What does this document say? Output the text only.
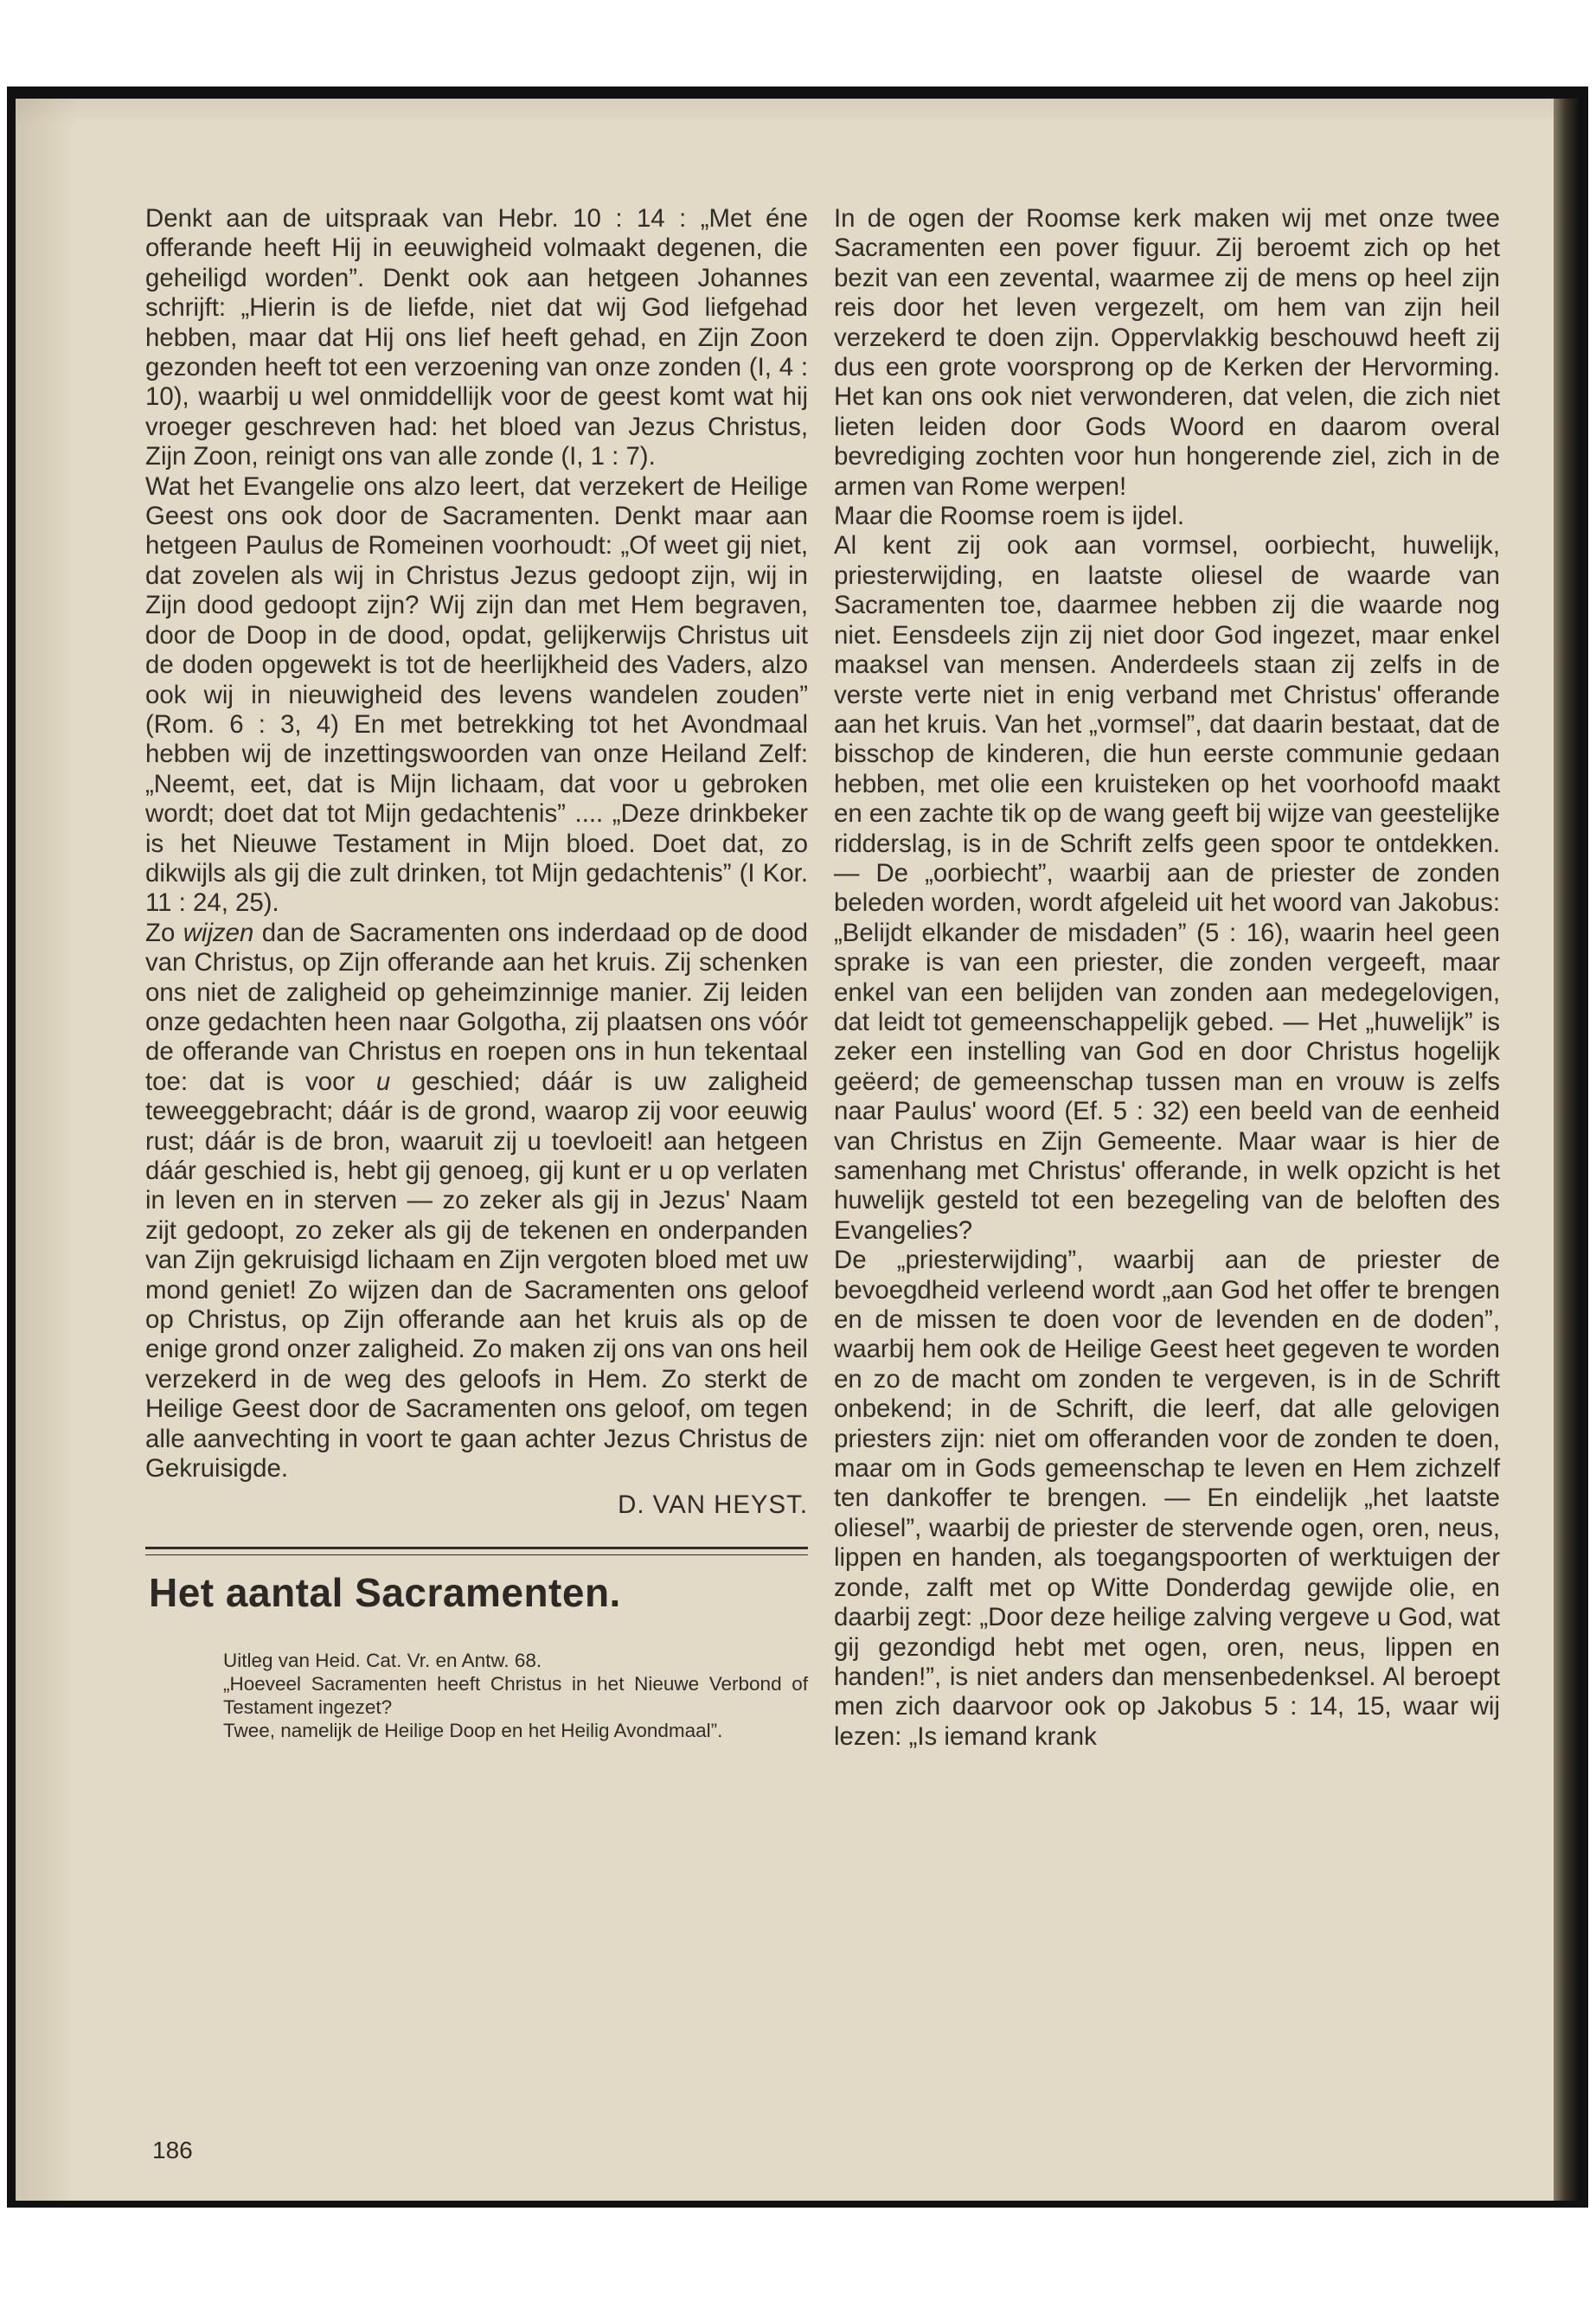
Denkt aan de uitspraak van Hebr. 10 : 14 : „Met éne offerande heeft Hij in eeuwigheid volmaakt degenen, die geheiligd worden”. Denkt ook aan hetgeen Johannes schrijft: „Hierin is de liefde, niet dat wij God liefgehad hebben, maar dat Hij ons lief heeft gehad, en Zijn Zoon gezonden heeft tot een verzoening van onze zonden (I, 4 : 10), waarbij u wel onmiddellijk voor de geest komt wat hij vroeger geschreven had: het bloed van Jezus Christus, Zijn Zoon, reinigt ons van alle zonde (I, 1 : 7).

Wat het Evangelie ons alzo leert, dat verzekert de Heilige Geest ons ook door de Sacramenten. Denkt maar aan hetgeen Paulus de Romeinen voorhoudt: „Of weet gij niet, dat zovelen als wij in Christus Jezus gedoopt zijn, wij in Zijn dood gedoopt zijn? Wij zijn dan met Hem begraven, door de Doop in de dood, opdat, gelijkerwijs Christus uit de doden opgewekt is tot de heerlijkheid des Vaders, alzo ook wij in nieuwigheid des levens wandelen zouden” (Rom. 6 : 3, 4) En met betrekking tot het Avondmaal hebben wij de inzettingswoorden van onze Heiland Zelf: „Neemt, eet, dat is Mijn lichaam, dat voor u gebroken wordt; doet dat tot Mijn gedachtenis” .... „Deze drinkbeker is het Nieuwe Testament in Mijn bloed. Doet dat, zo dikwijls als gij die zult drinken, tot Mijn gedachtenis” (I Kor. 11 : 24, 25).

Zo wijzen dan de Sacramenten ons inderdaad op de dood van Christus, op Zijn offerande aan het kruis. Zij schenken ons niet de zaligheid op geheimzinnige manier. Zij leiden onze gedachten heen naar Golgotha, zij plaatsen ons vóór de offerande van Christus en roepen ons in hun tekentaal toe: dat is voor u geschied; dáár is uw zaligheid teweeggebracht; dáár is de grond, waarop zij voor eeuwig rust; dáár is de bron, waaruit zij u toevloeit! aan hetgeen dáár geschied is, hebt gij genoeg, gij kunt er u op verlaten in leven en in sterven — zo zeker als gij in Jezus' Naam zijt gedoopt, zo zeker als gij de tekenen en onderpanden van Zijn gekruisigd lichaam en Zijn vergoten bloed met uw mond geniet! Zo wijzen dan de Sacramenten ons geloof op Christus, op Zijn offerande aan het kruis als op de enige grond onzer zaligheid. Zo maken zij ons van ons heil verzekerd in de weg des geloofs in Hem. Zo sterkt de Heilige Geest door de Sacramenten ons geloof, om tegen alle aanvechting in voort te gaan achter Jezus Christus de Gekruisigde.

D. VAN HEYST.

Het aantal Sacramenten.

Uitleg van Heid. Cat. Vr. en Antw. 68.

„Hoeveel Sacramenten heeft Christus in het Nieuwe Verbond of Testament ingezet?

Twee, namelijk de Heilige Doop en het Heilig Avondmaal”.

In de ogen der Roomse kerk maken wij met onze twee Sacramenten een pover figuur. Zij beroemt zich op het bezit van een zevental, waarmee zij de mens op heel zijn reis door het leven vergezelt, om hem van zijn heil verzekerd te doen zijn. Oppervlakkig beschouwd heeft zij dus een grote voorsprong op de Kerken der Hervorming. Het kan ons ook niet verwonderen, dat velen, die zich niet lieten leiden door Gods Woord en daarom overal bevrediging zochten voor hun hongerende ziel, zich in de armen van Rome werpen!

Maar die Roomse roem is ijdel.

Al kent zij ook aan vormsel, oorbiecht, huwelijk, priesterwijding, en laatste oliesel de waarde van Sacramenten toe, daarmee hebben zij die waarde nog niet. Eensdeels zijn zij niet door God ingezet, maar enkel maaksel van mensen. Anderdeels staan zij zelfs in de verste verte niet in enig verband met Christus' offerande aan het kruis. Van het „vormsel”, dat daarin bestaat, dat de bisschop de kinderen, die hun eerste communie gedaan hebben, met olie een kruisteken op het voorhoofd maakt en een zachte tik op de wang geeft bij wijze van geestelijke ridderslag, is in de Schrift zelfs geen spoor te ontdekken. — De „oorbiecht”, waarbij aan de priester de zonden beleden worden, wordt afgeleid uit het woord van Jakobus: „Belijdt elkander de misdaden” (5 : 16), waarin heel geen sprake is van een priester, die zonden vergeeft, maar enkel van een belijden van zonden aan medegelovigen, dat leidt tot gemeenschappelijk gebed. — Het „huwelijk” is zeker een instelling van God en door Christus hogelijk geëerd; de gemeenschap tussen man en vrouw is zelfs naar Paulus' woord (Ef. 5 : 32) een beeld van de eenheid van Christus en Zijn Gemeente. Maar waar is hier de samenhang met Christus' offerande, in welk opzicht is het huwelijk gesteld tot een bezegeling van de beloften des Evangelies?

De „priesterwijding”, waarbij aan de priester de bevoegdheid verleend wordt „aan God het offer te brengen en de missen te doen voor de levenden en de doden”, waarbij hem ook de Heilige Geest heet gegeven te worden en zo de macht om zonden te vergeven, is in de Schrift onbekend; in de Schrift, die leerf, dat alle gelovigen priesters zijn: niet om offeranden voor de zonden te doen, maar om in Gods gemeenschap te leven en Hem zichzelf ten dankoffer te brengen. — En eindelijk „het laatste oliesel”, waarbij de priester de stervende ogen, oren, neus, lippen en handen, als toegangspoorten of werktuigen der zonde, zalft met op Witte Donderdag gewijde olie, en daarbij zegt: „Door deze heilige zalving vergeve u God, wat gij gezondigd hebt met ogen, oren, neus, lippen en handen!”, is niet anders dan mensenbedenksel. Al beroept men zich daarvoor ook op Jakobus 5 : 14, 15, waar wij lezen: „Is iemand krank

186
